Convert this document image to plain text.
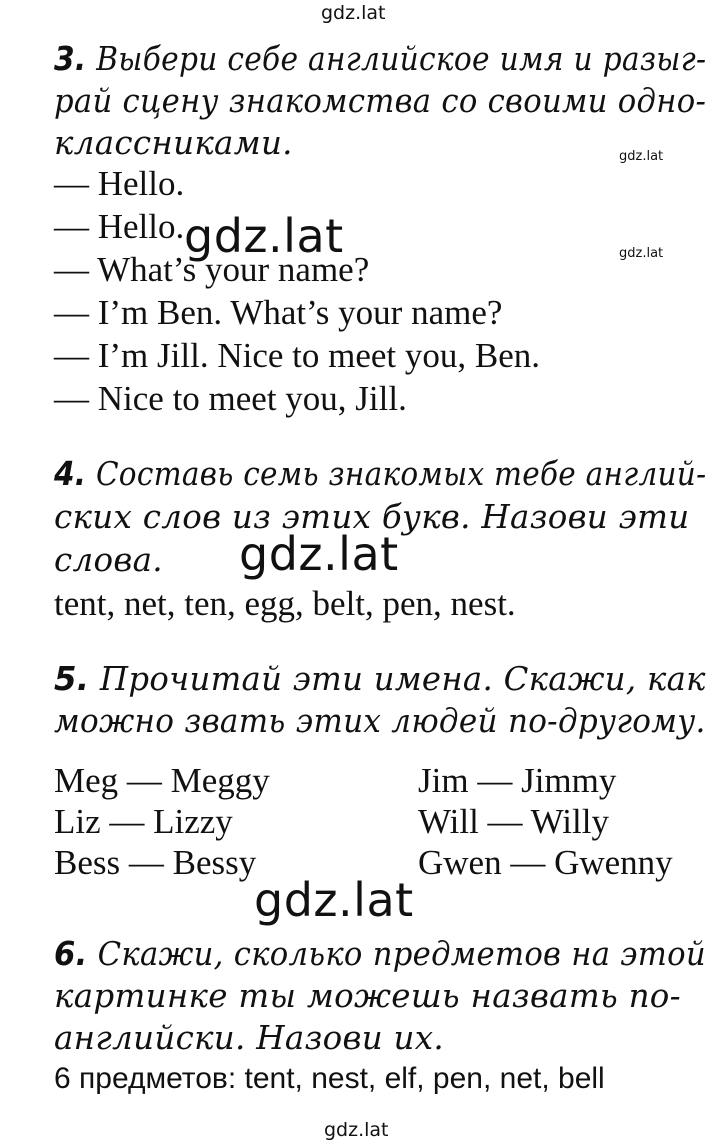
gdz.lat
gdz.lat
gdz.lat
gdz.lat
3. Выбери себе английское имя и разыг-
рай сцену знакомства со своими одно-
классниками.
— Hello.
— Hello.
— What’s your name?
— I’m Ben. What’s your name?
— I’m Jill. Nice to meet you, Ben.
— Nice to meet you, Jill.
gdz.lat
4. Составь семь знакомых тебе англий-
ских слов из этих букв. Назови эти
слова.
tent, net, ten, egg, belt, pen, nest.
gdz.lat
5. Прочитай эти имена. Скажи, как
можно звать этих людей по-другому.
Meg — Meggy
Liz — Lizzy
Bess — Bessy
Jim — Jimmy
Will — Willy
Gwen — Gwenny
gdz.lat
6. Скажи, сколько предметов на этой
картинке ты можешь назвать по-
английски. Назови их.
6 предметов: tent, nest, elf, pen, net, bell
